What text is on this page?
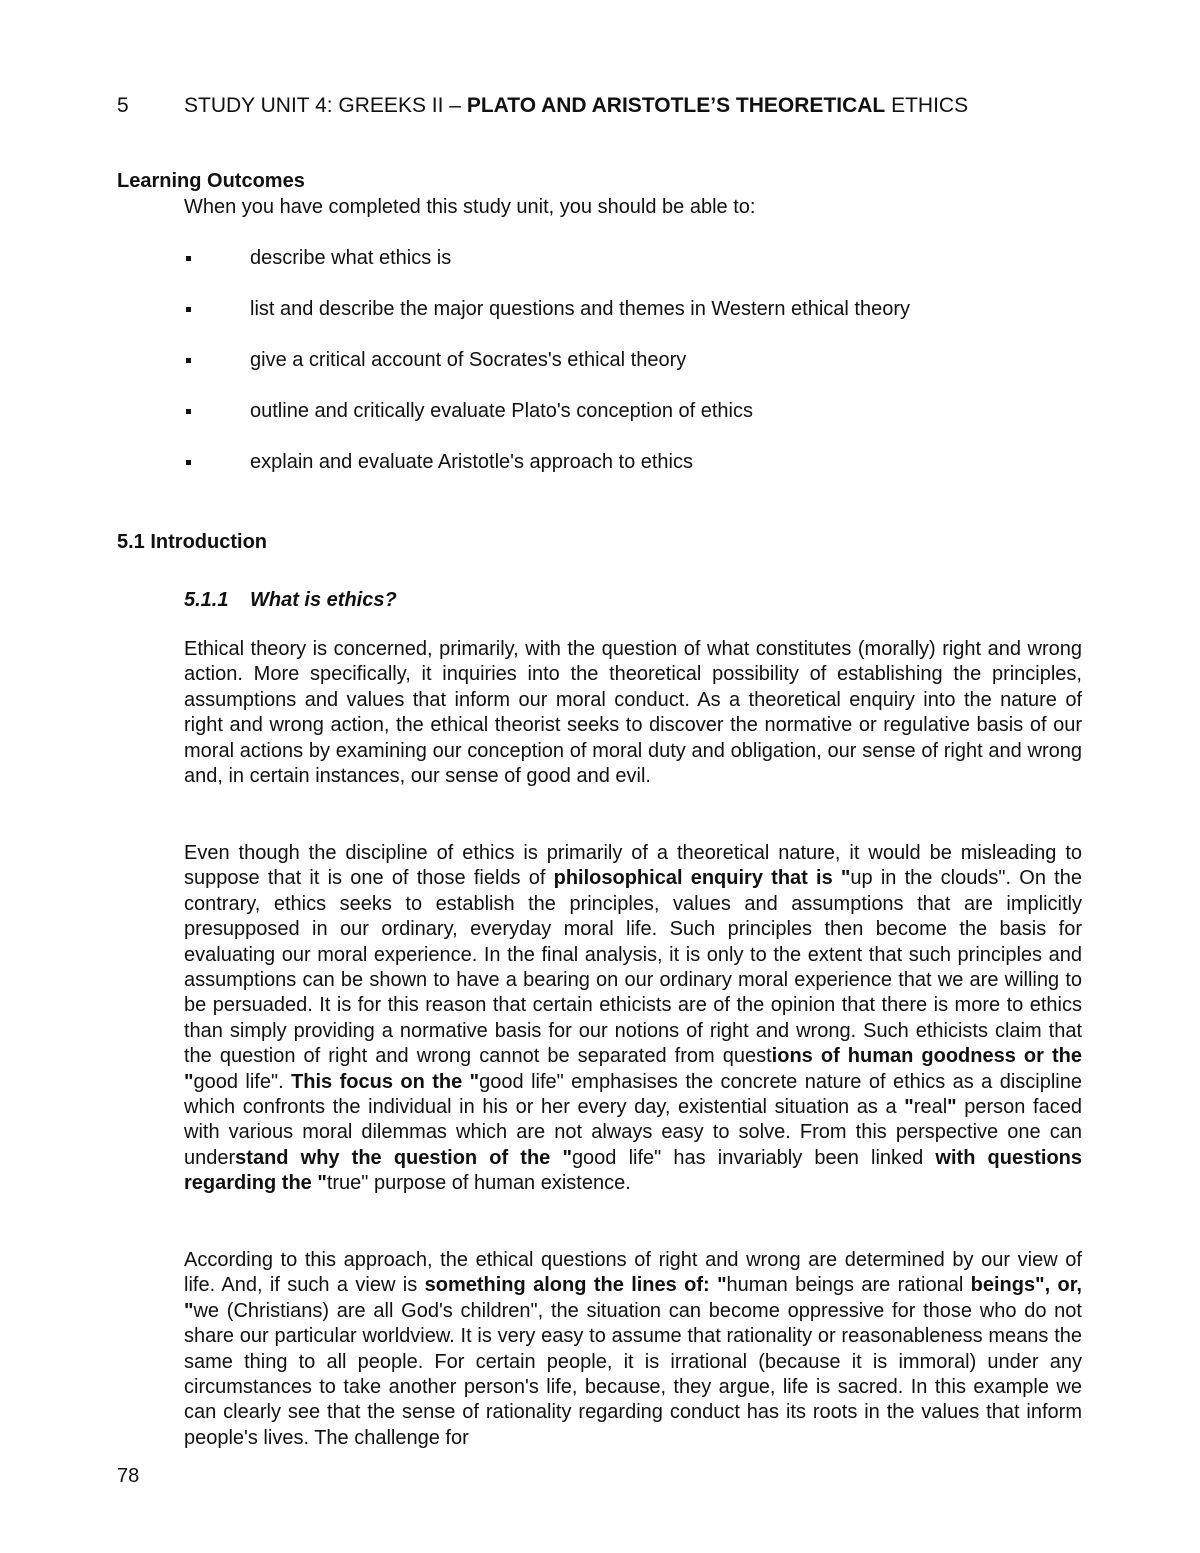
5	STUDY UNIT 4: GREEKS II – PLATO AND ARISTOTLE’S THEORETICAL ETHICS
Learning Outcomes
When you have completed this study unit, you should be able to:
describe what ethics is
list and describe the major questions and themes in Western ethical theory
give a critical account of Socrates's ethical theory
outline and critically evaluate Plato's conception of ethics
explain and evaluate Aristotle's approach to ethics
5.1 Introduction
5.1.1 What is ethics?

Ethical theory is concerned, primarily, with the question of what constitutes (morally) right and wrong action. More specifically, it inquiries into the theoretical possibility of establishing the principles, assumptions and values that inform our moral conduct. As a theoretical enquiry into the nature of right and wrong action, the ethical theorist seeks to discover the normative or regulative basis of our moral actions by examining our conception of moral duty and obligation, our sense of right and wrong and, in certain instances, our sense of good and evil.

Even though the discipline of ethics is primarily of a theoretical nature, it would be misleading to suppose that it is one of those fields of philosophical enquiry that is "up in the clouds". On the contrary, ethics seeks to establish the principles, values and assumptions that are implicitly presupposed in our ordinary, everyday moral life. Such principles then become the basis for evaluating our moral experience. In the final analysis, it is only to the extent that such principles and assumptions can be shown to have a bearing on our ordinary moral experience that we are willing to be persuaded. It is for this reason that certain ethicists are of the opinion that there is more to ethics than simply providing a normative basis for our notions of right and wrong. Such ethicists claim that the question of right and wrong cannot be separated from questions of human goodness or the "good life". This focus on the "good life" emphasises the concrete nature of ethics as a discipline which confronts the individual in his or her every day, existential situation as a "real" person faced with various moral dilemmas which are not always easy to solve. From this perspective one can understand why the question of the "good life" has invariably been linked with questions regarding the "true" purpose of human existence.

According to this approach, the ethical questions of right and wrong are determined by our view of life. And, if such a view is something along the lines of: "human beings are rational beings", or, "we (Christians) are all God's children", the situation can become oppressive for those who do not share our particular worldview. It is very easy to assume that rationality or reasonableness means the same thing to all people. For certain people, it is irrational (because it is immoral) under any circumstances to take another person's life, because, they argue, life is sacred. In this example we can clearly see that the sense of rationality regarding conduct has its roots in the values that inform people's lives. The challenge for

78
